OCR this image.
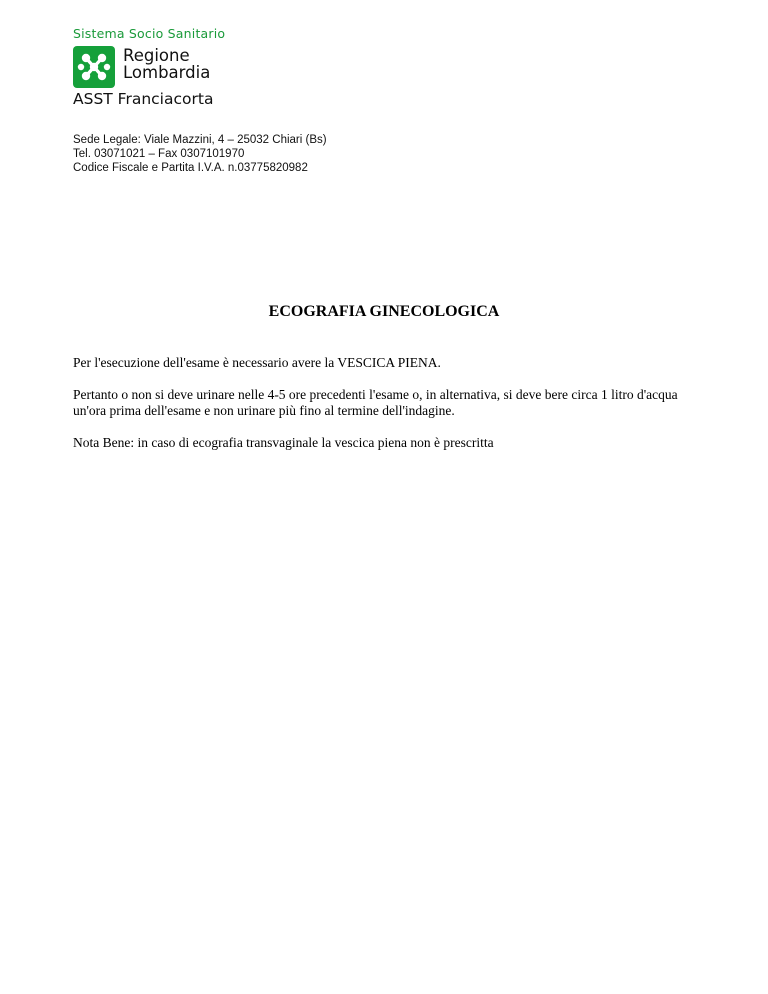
Sistema Socio Sanitario
Regione
Lombardia
ASST Franciacorta
Sede Legale: Viale Mazzini, 4 – 25032 Chiari (Bs)
Tel. 03071021 – Fax 0307101970
Codice Fiscale e Partita I.V.A. n.03775820982
ECOGRAFIA GINECOLOGICA
Per l'esecuzione dell'esame è necessario avere la VESCICA PIENA.
Pertanto o non si deve urinare nelle 4-5 ore precedenti l'esame o, in alternativa, si deve bere circa 1 litro d'acqua un'ora prima dell'esame e non urinare più fino al termine dell'indagine.
Nota Bene: in caso di ecografia transvaginale la vescica piena non è prescritta
